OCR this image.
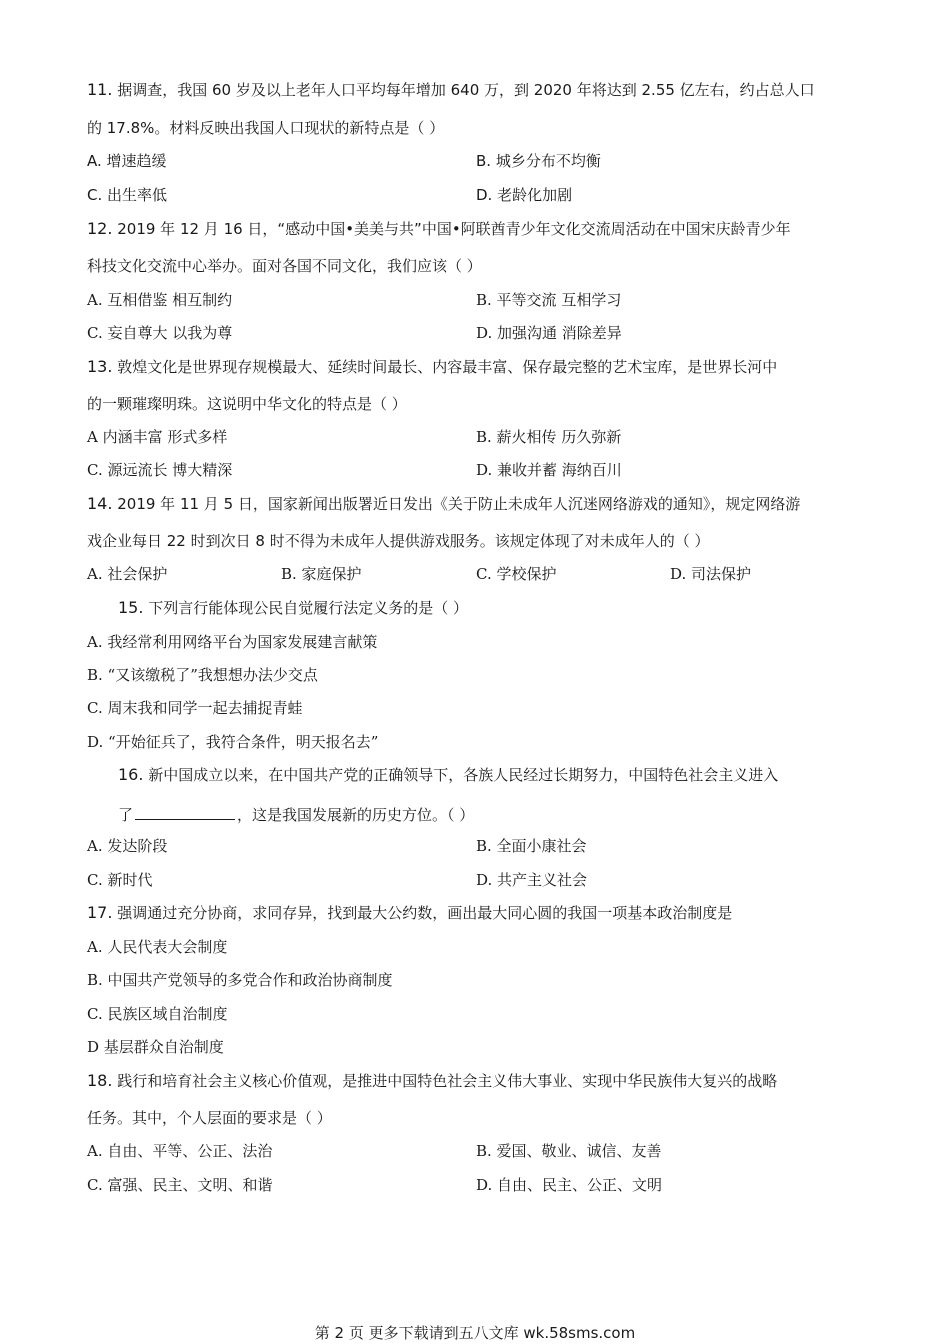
11. 据调查，我国 60 岁及以上老年人口平均每年增加 640 万，到 2020 年将达到 2.55 亿左右，约占总人口
的 17.8%。材料反映出我国人口现状的新特点是（ ）
A. 增速趋缓	B. 城乡分布不均衡
C. 出生率低	D. 老龄化加剧
12. 2019 年 12 月 16 日，“感动中国•美美与共”中国•阿联酋青少年文化交流周活动在中国宋庆龄青少年
科技文化交流中心举办。面对各国不同文化，我们应该（ ）
A. 互相借鉴 相互制约	B. 平等交流 互相学习
C. 妄自尊大 以我为尊	D. 加强沟通 消除差异
13. 敦煌文化是世界现存规模最大、延续时间最长、内容最丰富、保存最完整的艺术宝库，是世界长河中
的一颗璀璨明珠。这说明中华文化的特点是（ ）
A 内涵丰富 形式多样	B. 薪火相传 历久弥新
C. 源远流长 博大精深	D. 兼收并蓄 海纳百川
14. 2019 年 11 月 5 日，国家新闻出版署近日发出《关于防止未成年人沉迷网络游戏的通知》，规定网络游
戏企业每日 22 时到次日 8 时不得为未成年人提供游戏服务。该规定体现了对未成年人的（ ）
A. 社会保护	B. 家庭保护	C. 学校保护	D. 司法保护
15. 下列言行能体现公民自觉履行法定义务的是（ ）
A. 我经常利用网络平台为国家发展建言献策
B. “又该缴税了”我想想办法少交点
C. 周末我和同学一起去捕捉青蛙
D. “开始征兵了，我符合条件，明天报名去”
16. 新中国成立以来，在中国共产党的正确领导下，各族人民经过长期努力，中国特色社会主义进入
了	，这是我国发展新的历史方位。（ ）
A. 发达阶段	B. 全面小康社会
C. 新时代	D. 共产主义社会
17. 强调通过充分协商，求同存异，找到最大公约数，画出最大同心圆的我国一项基本政治制度是
A. 人民代表大会制度
B. 中国共产党领导的多党合作和政治协商制度
C. 民族区域自治制度
D 基层群众自治制度
18. 践行和培育社会主义核心价值观，是推进中国特色社会主义伟大事业、实现中华民族伟大复兴的战略
任务。其中，个人层面的要求是（ ）
A. 自由、平等、公正、法治	B. 爱国、敬业、诚信、友善
C. 富强、民主、文明、和谐	D. 自由、民主、公正、文明
第 2 页 更多下载请到五八文库 wk.58sms.com
